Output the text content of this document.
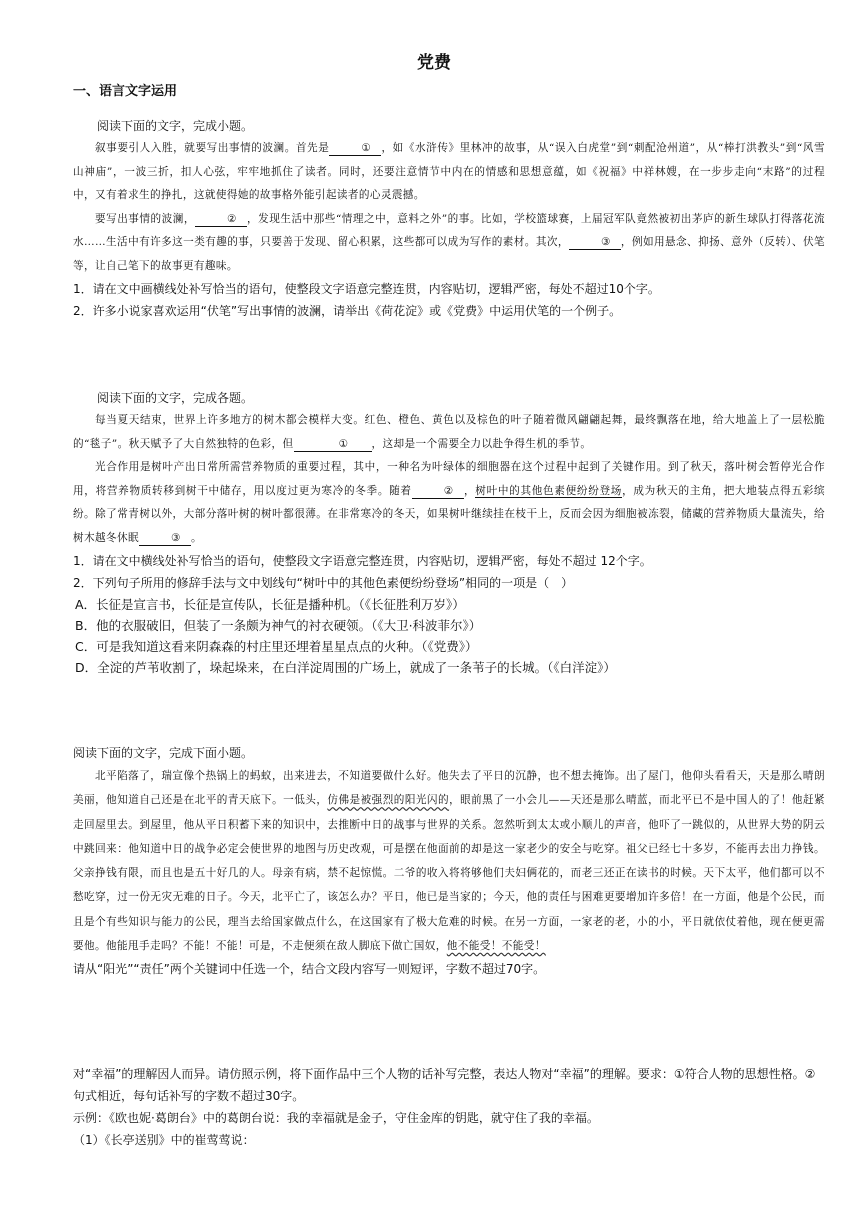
党费
一、语言文字运用
阅读下面的文字，完成小题。

叙事要引人入胜，就要写出事情的波澜。首先是	① ，如《水浒传》里林冲的故事，从“误入白虎堂”到“刺配沧州道”，从“棒打洪教头”到“风雪山神庙”，一波三折，扣人心弦，牢牢地抓住了读者。同时，还要注意情节中内在的情感和思想意蕴，如《祝福》中祥林嫂，在一步步走向“末路”的过程中，又有着求生的挣扎，这就使得她的故事格外能引起读者的心灵震撼。

要写出事情的波澜，	② ，发现生活中那些“情理之中，意料之外”的事。比如，学校篮球赛，上届冠军队竟然被初出茅庐的新生球队打得落花流水……生活中有许多这一类有趣的事，只要善于发现、留心积累，这些都可以成为写作的素材。其次，	③ ，例如用悬念、抑扬、意外（反转）、伏笔等，让自己笔下的故事更有趣味。

1．请在文中画横线处补写恰当的语句，使整段文字语意完整连贯，内容贴切，逻辑严密，每处不超过10个字。

2．许多小说家喜欢运用“伏笔”写出事情的波澜，请举出《荷花淀》或《党费》中运用伏笔的一个例子。

阅读下面的文字，完成各题。

每当夏天结束，世界上许多地方的树木都会模样大变。红色、橙色、黄色以及棕色的叶子随着微风翩翩起舞，最终飘落在地，给大地盖上了一层松脆的“毯子”。秋天赋予了大自然独特的色彩，但	① ，这却是一个需要全力以赴争得生机的季节。

光合作用是树叶产出日常所需营养物质的重要过程，其中，一种名为叶绿体的细胞器在这个过程中起到了关键作用。到了秋天，落叶树会暂停光合作用，将营养物质转移到树干中储存，用以度过更为寒冷的冬季。随着	② ，树叶中的其他色素便纷纷登场，成为秋天的主角，把大地装点得五彩缤纷。除了常青树以外，大部分落叶树的树叶都很薄。在非常寒冷的冬天，如果树叶继续挂在枝干上，反而会因为细胞被冻裂，储藏的营养物质大量流失，给树木越冬休眠	③ 。

1．请在文中横线处补写恰当的语句，使整段文字语意完整连贯，内容贴切，逻辑严密，每处不超过 12个字。

2．下列句子所用的修辞手法与文中划线句“树叶中的其他色素便纷纷登场”相同的一项是（　）

A．长征是宣言书，长征是宣传队，长征是播种机。（《长征胜利万岁》）

B．他的衣服破旧，但装了一条颇为神气的衬衣硬领。（《大卫·科波菲尔》）

C．可是我知道这看来阴森森的村庄里还埋着星星点点的火种。（《党费》）

D．全淀的芦苇收割了，垛起垛来，在白洋淀周围的广场上，就成了一条苇子的长城。（《白洋淀》）

阅读下面的文字，完成下面小题。

北平陷落了，瑞宣像个热锅上的蚂蚁，出来进去，不知道要做什么好。他失去了平日的沉静，也不想去掩饰。出了屋门，他仰头看看天，天是那么晴朗美丽，他知道自己还是在北平的青天底下。一低头，仿佛是被强烈的阳光闪的，眼前黑了一小会儿——天还是那么晴蓝，而北平已不是中国人的了！他赶紧走回屋里去。到屋里，他从平日积蓄下来的知识中，去推断中日的战事与世界的关系。忽然听到太太或小顺儿的声音，他吓了一跳似的，从世界大势的阴云中跳回来：他知道中日的战争必定会使世界的地图与历史改观，可是摆在他面前的却是这一家老少的安全与吃穿。祖父已经七十多岁，不能再去出力挣钱。父亲挣钱有限，而且也是五十好几的人。母亲有病，禁不起惊慌。二爷的收入将将够他们夫妇俩花的，而老三还正在读书的时候。天下太平，他们都可以不愁吃穿，过一份无灾无难的日子。今天，北平亡了，该怎么办？平日，他已是当家的；今天，他的责任与困难更要增加许多倍！在一方面，他是个公民，而且是个有些知识与能力的公民，理当去给国家做点什么，在这国家有了极大危难的时候。在另一方面，一家老的老，小的小，平日就依仗着他，现在便更需要他。他能甩手走吗？不能！不能！可是，不走便须在敌人脚底下做亡国奴，他不能受！不能受！

请从“阳光”“责任”两个关键词中任选一个，结合文段内容写一则短评，字数不超过70字。

对“幸福”的理解因人而异。请仿照示例，将下面作品中三个人物的话补写完整，表达人物对“幸福”的理解。要求：①符合人物的思想性格。②句式相近，每句话补写的字数不超过30字。

示例：《欧也妮·葛朗台》中的葛朗台说：我的幸福就是金子，守住金库的钥匙，就守住了我的幸福。

（1）《长亭送别》中的崔莺莺说：
